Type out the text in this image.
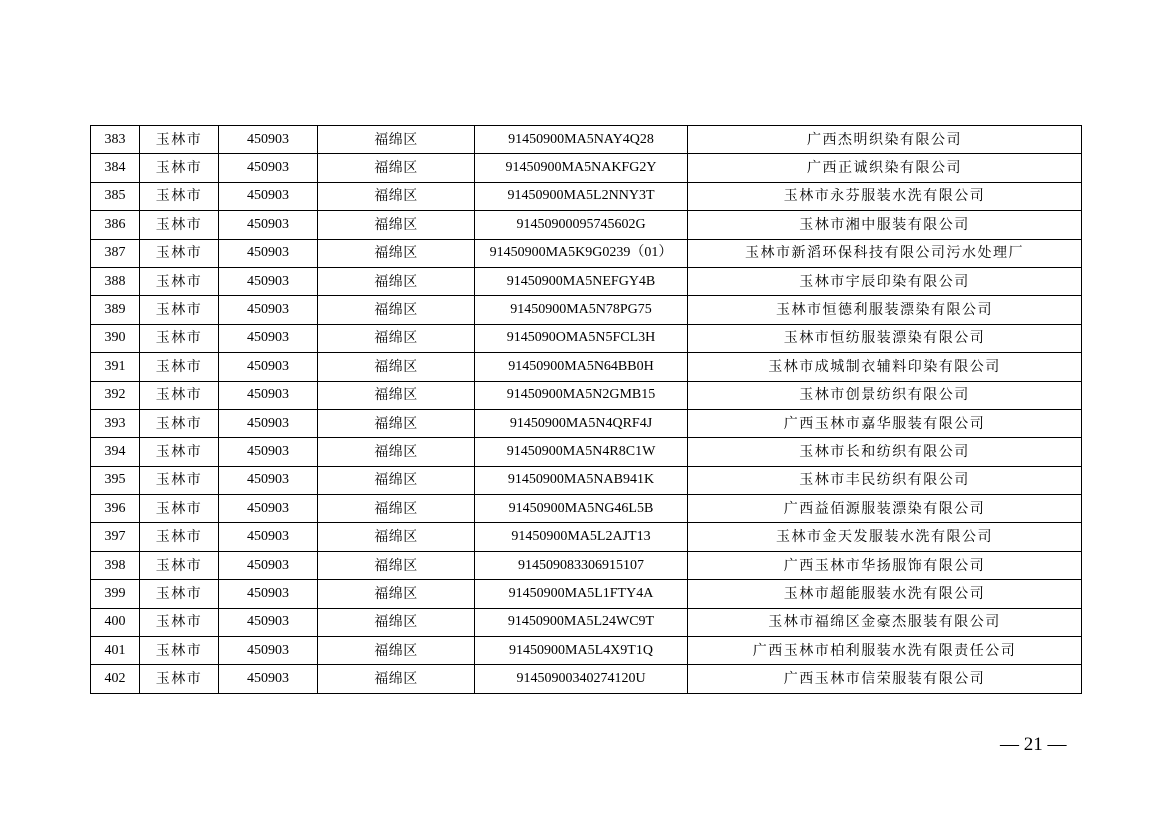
383	玉林市	450903	福绵区	91450900MA5NAY4Q28	广西杰明织染有限公司
384	玉林市	450903	福绵区	91450900MA5NAKFG2Y	广西正诚织染有限公司
385	玉林市	450903	福绵区	91450900MA5L2NNY3T	玉林市永芬服装水洗有限公司
386	玉林市	450903	福绵区	91450900095745602G	玉林市湘中服装有限公司
387	玉林市	450903	福绵区	91450900MA5K9G0239（01）	玉林市新滔环保科技有限公司污水处理厂
388	玉林市	450903	福绵区	91450900MA5NEFGY4B	玉林市宇辰印染有限公司
389	玉林市	450903	福绵区	91450900MA5N78PG75	玉林市恒德利服装漂染有限公司
390	玉林市	450903	福绵区	9145090OMA5N5FCL3H	玉林市恒纺服装漂染有限公司
391	玉林市	450903	福绵区	91450900MA5N64BB0H	玉林市成城制衣辅料印染有限公司
392	玉林市	450903	福绵区	91450900MA5N2GMB15	玉林市创景纺织有限公司
393	玉林市	450903	福绵区	91450900MA5N4QRF4J	广西玉林市嘉华服装有限公司
394	玉林市	450903	福绵区	91450900MA5N4R8C1W	玉林市长和纺织有限公司
395	玉林市	450903	福绵区	91450900MA5NAB941K	玉林市丰民纺织有限公司
396	玉林市	450903	福绵区	91450900MA5NG46L5B	广西益佰源服装漂染有限公司
397	玉林市	450903	福绵区	91450900MA5L2AJT13	玉林市金天发服装水洗有限公司
398	玉林市	450903	福绵区	914509083306915107	广西玉林市华扬服饰有限公司
399	玉林市	450903	福绵区	91450900MA5L1FTY4A	玉林市超能服装水洗有限公司
400	玉林市	450903	福绵区	91450900MA5L24WC9T	玉林市福绵区金豪杰服装有限公司
401	玉林市	450903	福绵区	91450900MA5L4X9T1Q	广西玉林市柏利服装水洗有限责任公司
402	玉林市	450903	福绵区	91450900340274120U	广西玉林市信荣服装有限公司
— 21 —
